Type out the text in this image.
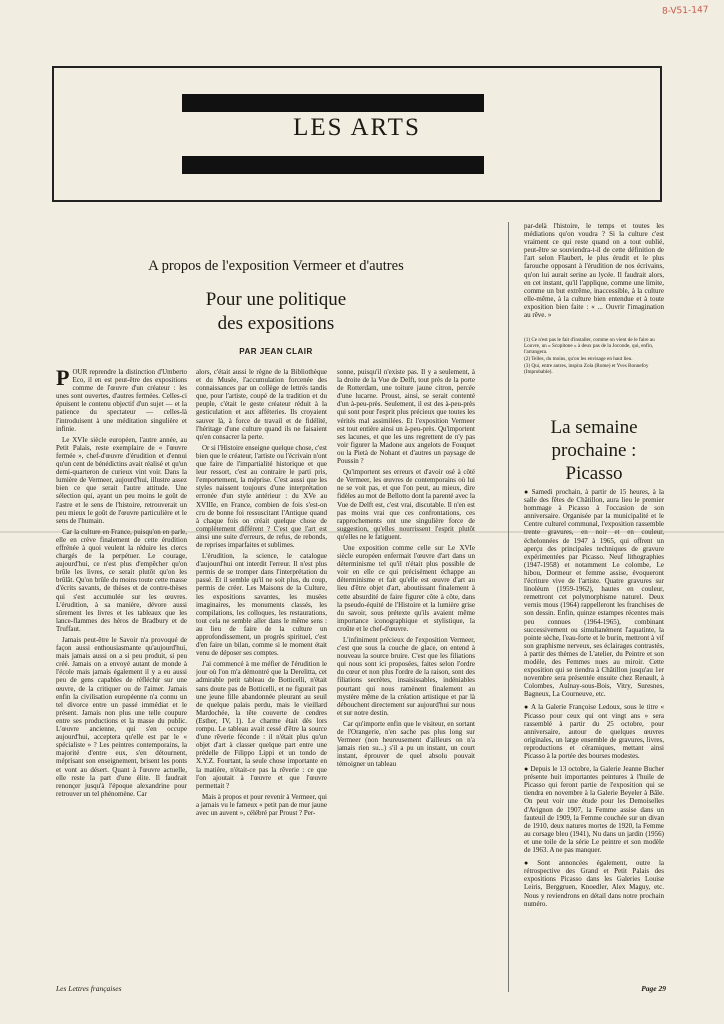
8-V51-147
LES ARTS
A propos de l'exposition Vermeer et d'autres
Pour une politique
des expositions
PAR JEAN CLAIR

POUR reprendre la distinction d'Umberto Eco, il en est peut-être des expositions comme de l'œuvre d'un créateur : les unes sont ouvertes, d'autres fermées. Celles-ci épuisent le contenu objectif d'un sujet — et la patience du spectateur — celles-là l'introduisent à une méditation singulière et infinie.

Le XVIe siècle européen, l'autre année, au Petit Palais, reste exemplaire de « l'œuvre fermée », chef-d'œuvre d'érudition et d'ennui qu'un cent de bénédictins avait réalisé et qu'un demi-quarteron de curieux vint voir. Dans la lumière de Vermeer, aujourd'hui, illustre assez bien ce que serait l'autre attitude. Une sélection qui, ayant un peu moins le goût de l'astre et le sens de l'histoire, retrouverait un peu mieux le goût de l'œuvre particulière et le sens de l'humain.

Car la culture en France, puisqu'on en parle, elle en crève finalement de cette érudition effrénée à quoi veulent la réduire les clercs chargés de la perpétuer. Le courage, aujourd'hui, ce n'est plus d'empêcher qu'on brûle les livres, ce serait plutôt qu'on les brûlât. Qu'on brûle du moins toute cette masse d'écrits savants, de thèses et de contre-thèses qui s'est accumulée sur les œuvres. L'érudition, à sa manière, dévore aussi sûrement les livres et les tableaux que les lance-flammes des héros de Bradbury et de Truffaut.

Jamais peut-être le Savoir n'a provoqué de façon aussi enthousiasmante qu'aujourd'hui, mais jamais aussi on a si peu produit, si peu créé. Jamais on a envoyé autant de monde à l'école mais jamais également il y a eu aussi peu de gens capables de réfléchir sur une œuvre, de la critiquer ou de l'aimer. Jamais enfin la civilisation européenne n'a connu un tel divorce entre un passé immédiat et le présent. Jamais non plus une telle coupure entre ses productions et la masse du public. L'œuvre ancienne, qui s'en occupe aujourd'hui, acceptera qu'elle est par le « spécialiste » ? Les peintres contemporains, la majorité d'entre eux, s'en détournent, méprisant son enseignement, brisent les ponts et vont au désert. Quant à l'œuvre actuelle, elle reste la part d'une élite. Il faudrait renonçer jusqu'à l'époque alexandrine pour retrouver un tel phénomène. Car

alors, c'était aussi le règne de la Bibliothèque et du Musée, l'accumulation forcenée des connaissances par un collège de lettrés tandis que, pour l'artiste, coupé de la tradition et du peuple, c'était le geste créateur réduit à la gesticulation et aux afféteries. Ils croyaient sauver là, à force de travail et de fidélité, l'héritage d'une culture quand ils ne faisaient qu'en consacrer la perte.

Or si l'Histoire enseigne quelque chose, c'est bien que le créateur, l'artiste ou l'écrivain n'ont que faire de l'impartialité historique et que leur ressort, c'est au contraire le parti pris, l'emportement, la méprise. C'est aussi que les styles naissent toujours d'une interprétation erronée d'un style antérieur : du XVe au XVIIIe, en France, combien de fois s'est-on cru de bonne foi ressuscitant l'Antique quand à chaque fois on créait quelque chose de complètement différent ? C'est que l'art est ainsi une suite d'erreurs, de refus, de rebonds, de reprises imparfaites et sublimes.

L'érudition, la science, le catalogue d'aujourd'hui ont interdit l'erreur. Il n'est plus permis de se tromper dans l'interprétation du passé. Et il semble qu'il ne soit plus, du coup, permis de créer. Les Maisons de la Culture, les expositions savantes, les musées imaginaires, les monuments classés, les compilations, les colloques, les restaurations, tout cela ne semble aller dans le même sens : au lieu de faire de la culture un approfondissement, un progrès spirituel, c'est d'en faire un bilan, comme si le moment était venu de déposer ses comptes.

J'ai commencé à me méfier de l'érudition le jour où l'on m'a démontré que la Derelitta, cet admirable petit tableau de Botticelli, n'était sans doute pas de Botticelli, et ne figurait pas une jeune fille abandonnée pleurant au seuil de quelque palais perdu, mais le vieillard Mardochée, la tête couverte de cendres (Esther, IV, 1). Le charme était dès lors rompu. Le tableau avait cessé d'être la source d'une rêverie féconde : il n'était plus qu'un objet d'art à classer quelque part entre une prédelle de Filippo Lippi et un tondo de X.Y.Z. Fourtant, la seule chose importante en la matière, n'était-ce pas la rêverie : ce que l'on ajoutait à l'œuvre et que l'œuvre permettait ?

Mais à propos et pour revenir à Vermeer, qui a jamais vu le fameux « petit pan de mur jaune avec un auvent », célébré par Proust ? Per-

sonne, puisqu'il n'existe pas. Il y a seulement, à la droite de la Vue de Delft, tout près de la porte de Rotterdam, une toiture jaune citron, percée d'une lucarne. Proust, ainsi, se serait contenté d'un à-peu-près. Seulement, il est des à-peu-près qui sont pour l'esprit plus précieux que toutes les vérités mal assimilées. Et l'exposition Vermeer est tout entière ainsi un à-peu-près. Qu'importent ses lacunes, et que les uns regrettent de n'y pas voir figurer la Madone aux angelots de Fouquet ou la Pietà de Nohant et d'autres un paysage de Poussin ?

Qu'importent ses erreurs et d'avoir osé à côté de Vermeer, les œuvres de contemporains où lui ne se voit pas, et que l'on peut, au mieux, dire fidèles au mot de Bellotto dont la parenté avec la Vue de Delft est, c'est vrai, discutable. Il n'en est pas moins vrai que ces confrontations, ces rapprochements ont une singulière force de suggestion, qu'elles nourrissent l'esprit plutôt qu'elles ne le fatiguent.

Une exposition comme celle sur Le XVIe siècle européen enfermait l'œuvre d'art dans un déterminisme tel qu'il n'était plus possible de voir en elle ce qui précisément échappe au déterminisme et fait qu'elle est œuvre d'art au lieu d'être objet d'art, aboutissant finalement à cette absurdité de faire figurer côte à côte, dans la pseudo-équité de l'Histoire et la lumière grise du savoir, sous prétexte qu'ils avaient même importance iconographique et stylistique, la croûte et le chef-d'œuvre.

L'infiniment précieux de l'exposition Vermeer, c'est que sous la couche de glace, on entend à nouveau la source bruire. C'est que les filiations qui nous sont ici proposées, faites selon l'ordre du cœur et non plus l'ordre de la raison, sont des filiations secrètes, insaisissables, indéniables pourtant qui nous ramènent finalement au mystère même de la création artistique et par là débouchent directement sur aujourd'hui sur nous et sur notre destin.

Car qu'importe enfin que le visiteur, en sortant de l'Orangerie, n'en sache pas plus long sur Vermeer (non heureusement d'ailleurs on n'a jamais rien su...) s'il a pu un instant, un court instant, éprouver de quel absolu pouvait témoigner un tableau

par-delà l'histoire, le temps et toutes les médiations qu'on voudra ? Si la culture c'est vraiment ce qui reste quand on a tout oublié, peut-être se souviendra-t-il de cette définition de l'art selon Flaubert, le plus érudit et le plus farouche opposant à l'érudition de nos écrivains, qu'on lui aurait serine au lycée. Il faudrait alors, en cet instant, qu'il l'applique, comme une limite, comme un but extrême, inaccessible, à la culture elle-même, à la culture bien entendue et à toute exposition bien faite : « ... Ouvrir l'imagination au rêve. »

(1) Ce n'est pas le fait d'installer, comme on vient de le faire au Louvre, un « Scopitone » à deux pas de la Joconde, qui, enfin, l'arrangera.
(2) Telles, du moins, qu'on les envisage en haut lieu.
(3) Qui, entre autres, inspira Zola (Rome) et Yves Bonnefoy (Improbable).
La semaine
prochaine :
Picasso

● Samedi prochain, à partir de 15 heures, à la salle des fêtes de Châtillon, aura lieu le premier hommage à Picasso à l'occasion de son anniversaire. Organisée par la municipalité et le Centre culturel communal, l'exposition rassemble trente gravures, en noir et en couleur, échelonnées de 1947 à 1965, qui offrent un aperçu des principales techniques de gravure expérimentées par Picasso. Neuf lithographies (1947-1958) et notamment Le colombe, Le hibou, Dormeur et femme assise, évoqueront l'écriture vive de l'artiste. Quatre gravures sur linoléum (1959-1962), hautes en couleur, remettront cet polymorphisme naturel. Deux vernis mous (1964) rappelleront les franchises de son dessin. Enfin, quinze estampes récentes mais peu connues (1964-1965), combinant successivement ou simultanément l'aquatinte, la pointe sèche, l'eau-forte et le burin, mettront à vif son graphisme nerveux, ses éclairages contrastés, à partir des thèmes de L'atelier, du Peintre et son modèle, des Femmes nues au miroir. Cette exposition qui se tiendra à Châtillon jusqu'au 1er novembre sera présentée ensuite chez Renault, à Colombes, Aulnay-sous-Bois, Vitry, Suresnes, Bagneux, La Courneuve, etc.

● A la Galerie Françoise Ledoux, sous le titre « Picasso pour ceux qui ont vingt ans » sera rassemblé à partir du 25 octobre, pour anniversaire, autour de quelques œuvres originales, un large ensemble de gravures, livres, reproductions et céramiques, mettant ainsi Picasso à la portée des bourses modestes.

● Depuis le 13 octobre, la Galerie Jeanne Bucher présente huit importantes peintures à l'huile de Picasso qui feront partie de l'exposition qui se tiendra en novembre à la Galerie Beyeler à Bâle. On peut voir une étude pour les Demoiselles d'Avignon de 1907, la Femme assise dans un fauteuil de 1909, la Femme couchée sur un divan de 1910, deux natures mortes de 1920, la Femme au corsage bleu (1941), Nu dans un jardin (1956) et une toile de la série Le peintre et son modèle de 1963. A ne pas manquer.

● Sont annoncées également, outre la rétrospective des Grand et Petit Palais des expositions Picasso dans les Galeries Louise Leiris, Berggruen, Knoedler, Alex Maguy, etc. Nous y reviendrons en détail dans notre prochain numéro.

Les Lettres françaises	Page 29
